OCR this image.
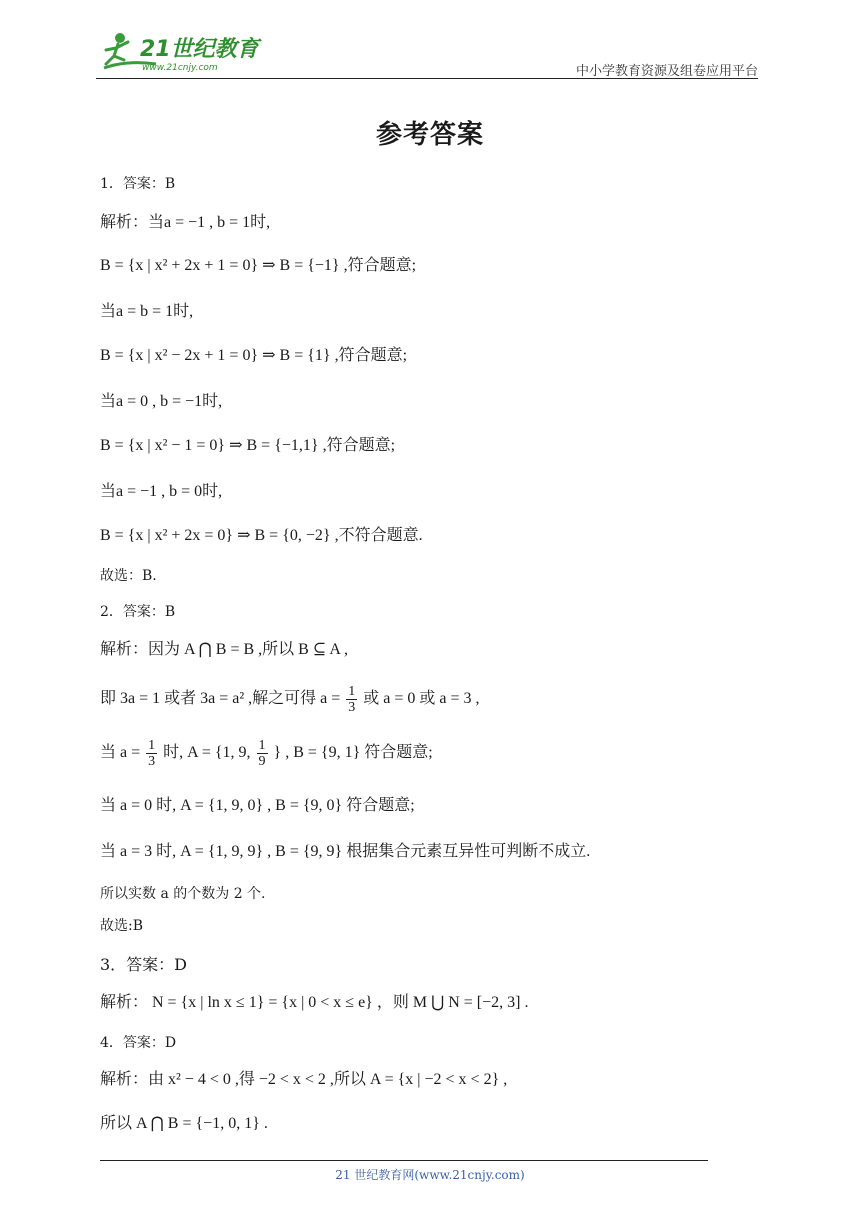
21世纪教育
www.21cnjy.com	中小学教育资源及组卷应用平台
参考答案
1．答案：B
解析：当a = −1 , b = 1时,
B = {x | x² + 2x + 1 = 0} ⇒ B = {−1} ,符合题意;
当a = b = 1时,
B = {x | x² − 2x + 1 = 0} ⇒ B = {1} ,符合题意;
当a = 0 , b = −1时,
B = {x | x² − 1 = 0} ⇒ B = {−1,1} ,符合题意;
当a = −1 , b = 0时,
B = {x | x² + 2x = 0} ⇒ B = {0, −2} ,不符合题意.
故选：B.
2．答案：B
解析：因为 A ⋂ B = B ,所以 B ⊆ A ,
即 3a = 1 或者 3a = a² ,解之可得 $a = \frac{1}{3}$ 或 a = 0 或 a = 3 ,
当 $a = \frac{1}{3}$ 时, A = {1, 9, $\frac{1}{9}$ } , B = {9, 1} 符合题意;
当 a = 0 时, A = {1, 9, 0} , B = {9, 0} 符合题意;
当 a = 3 时, A = {1, 9, 9} , B = {9, 9} 根据集合元素互异性可判断不成立.
所以实数 a 的个数为 2 个.
故选:B
3．答案：D
解析： N = {x | ln x ≤ 1} = {x | 0 < x ≤ e} ，则 M ⋃ N = [−2, 3] .
4．答案：D
解析：由 x² − 4 < 0 ,得 −2 < x < 2 ,所以 A = {x | −2 < x < 2} ,
所以 A ⋂ B = {−1, 0, 1} .
21 世纪教育网(www.21cnjy.com)
